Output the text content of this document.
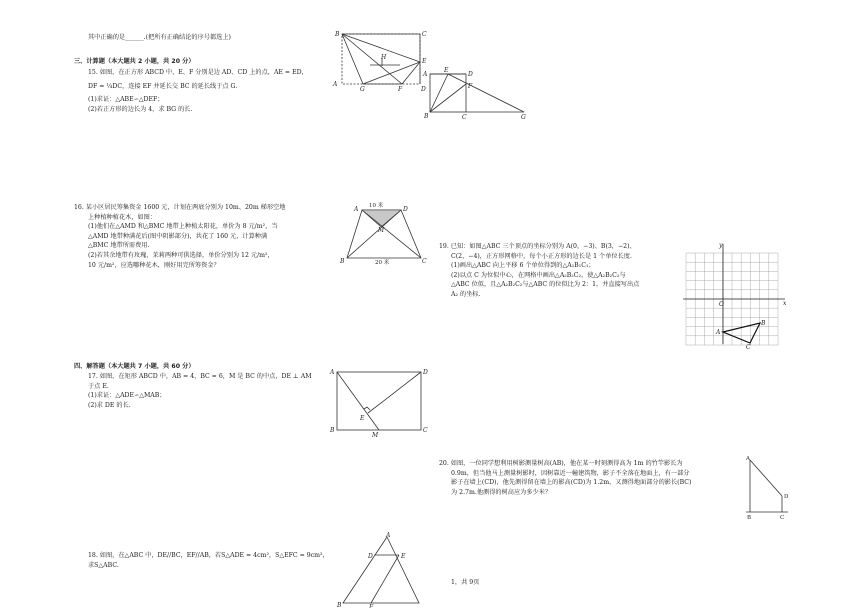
其中正确的是______.(把所有正确结论的序号都选上)
三、计算题（本大题共 2 小题，共 20 分）
15. 如图，在正方形 ABCD 中，E、F 分别是边 AD、CD 上的点，AE = ED，
DF = ¼DC，连接 EF 并延长交 BC 的延长线于点 G.
(1)求证：△ABE∽△DEF；
(2)若正方形的边长为 4，求 BG 的长.
B	C
E
H
A
G	F	D
A
E
D
F
B	C	G
16. 某小区居民筹集资金 1600 元，计划在两底分别为 10m、20m 梯形空地
上种植种植花木，如图：
(1)他们在△AMD 和△BMC 地带上种植太阳花，单价为 8 元/m²，当
△AMD 地带种满花后(图中阴影部分)，共花了 160 元，计算种满
△BMC 地带所需费用.
(2)若其余地带有玫瑰、茉莉两种可供选择，单价分别为 12 元/m²，
10 元/m²，应选哪种花木，刚好用完所筹资金？
A	D
M
B	C
10 米
20 米
19. 已知：如图△ABC 三个顶点的坐标分别为 A(0，−3)、B(3，−2)、
C(2，−4)，正方形网格中，每个小正方形的边长是 1 个单位长度.
(1)画出△ABC 向上平移 6 个单位得到的△A₁B₁C₁；
(2)以点 C 为位似中心，在网格中画出△A₂B₂C₂，使△A₂B₂C₂与
△ABC 位似，且△A₂B₂C₂与△ABC 的位似比为 2：1，并直接写出点
A₂ 的坐标.
y
x
O
A
B
C
四、解答题（本大题共 7 小题，共 60 分）
17. 如图，在矩形 ABCD 中，AB = 4，BC = 6，M 是 BC 的中点，DE ⊥ AM
于点 E.
(1)求证：△ADE∽△MAB；
(2)求 DE 的长.
A	D
E
B
M
C
20. 如图，一位同学想利用树影测量树高(AB)，他在某一时刻测得高为 1m 的竹竿影长为
0.9m，但当他马上测量树影时，因树靠近一幢建筑物，影子不全落在地面上，有一部分
影子在墙上(CD)，他先测得留在墙上的影高(CD)为 1.2m，又测得地面部分的影长(BC)
为 2.7m.他测得的树高应为多少米？
A
D
B	C
18. 如图，在△ABC 中，DE//BC，EF//AB，若S△ADE = 4cm²，S△EFC = 9cm²，
求S△ABC.
A
D	E
B	F
1，共 9页
